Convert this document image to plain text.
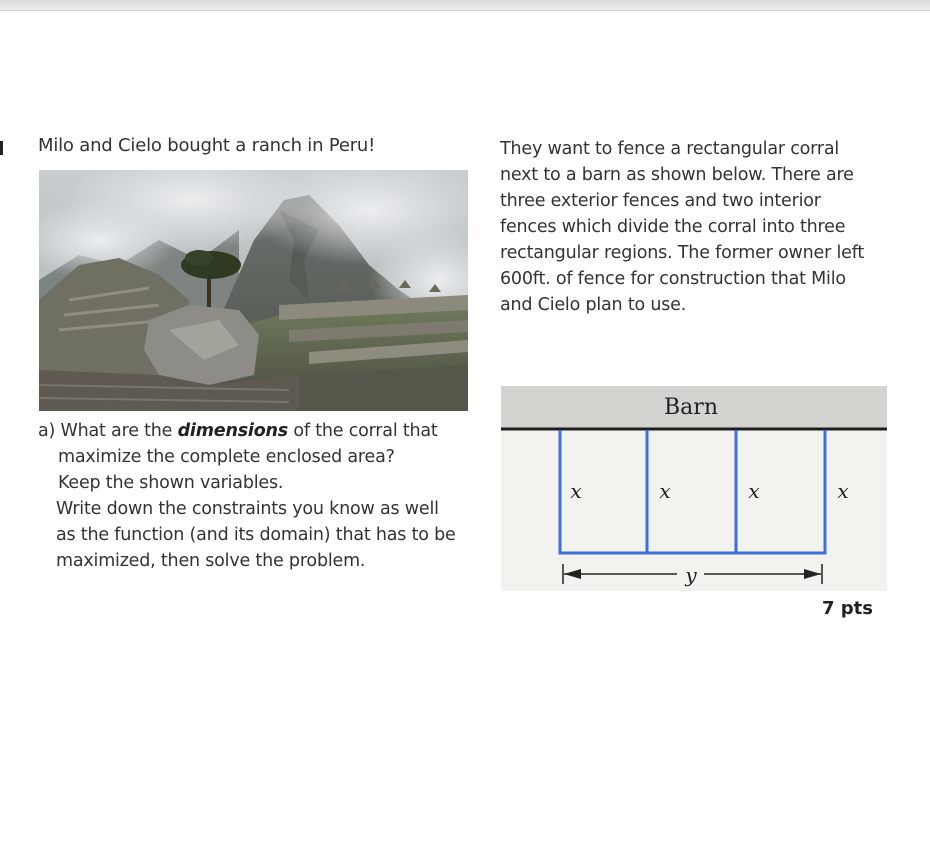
Milo and Cielo bought a ranch in Peru!
a) What are the dimensions of the corral that
maximize the complete enclosed area?
Keep the shown variables.
Write down the constraints you know as well
as the function (and its domain) that has to be
maximized, then solve the problem.
They want to fence a rectangular corral
next to a barn as shown below. There are
three exterior fences and two interior
fences which divide the corral into three
rectangular regions. The former owner left
600ft. of fence for construction that Milo
and Cielo plan to use.
Barn
x	x	x	x
y
7 pts
